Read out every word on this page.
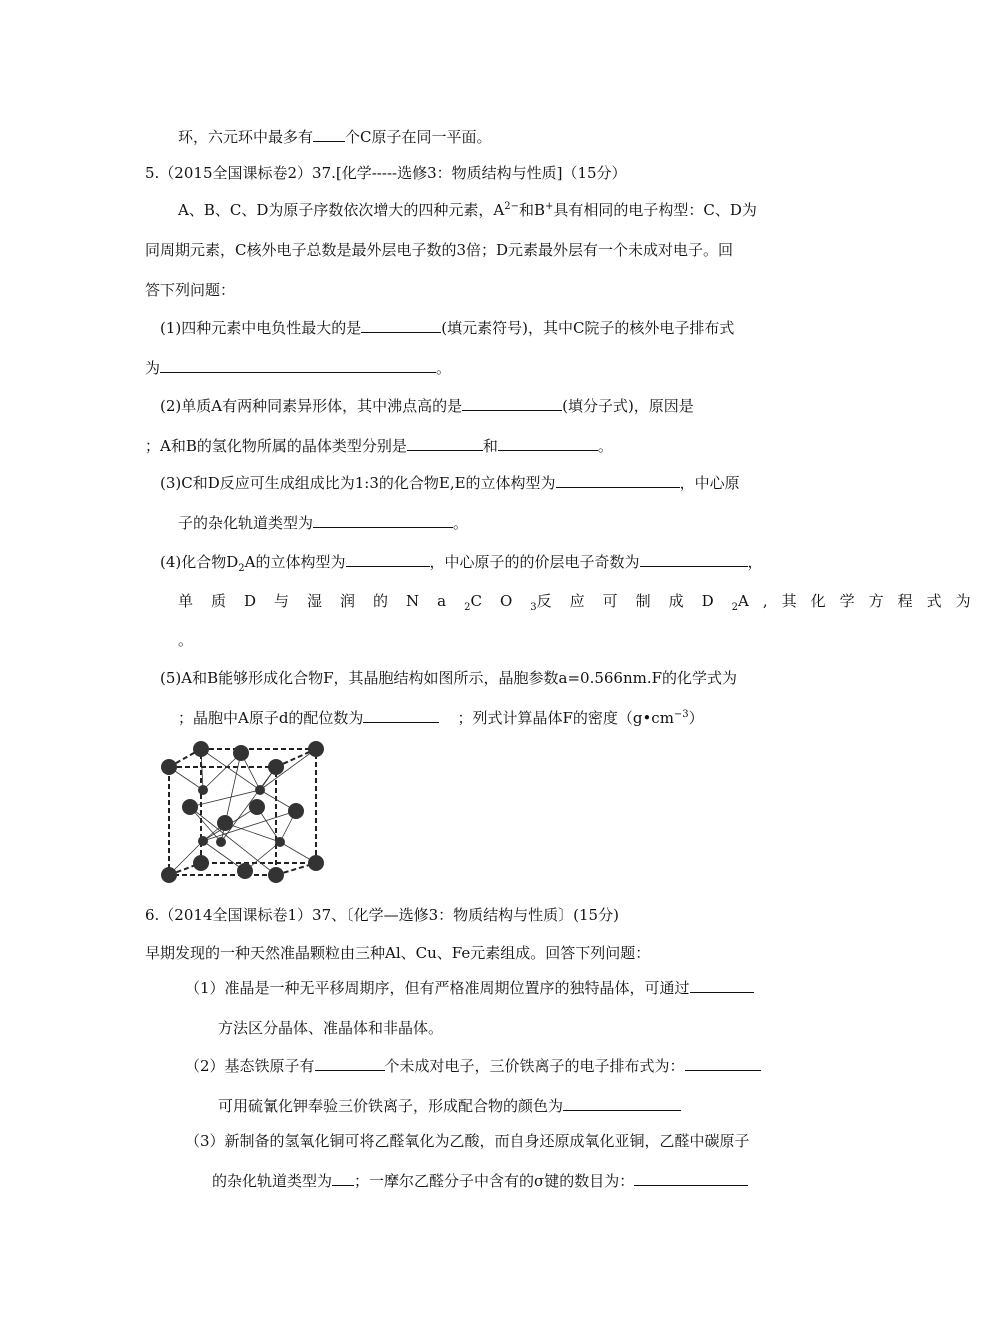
环，六元环中最多有 个C原子在同一平面。
5.（2015全国课标卷2）37.[化学-----选修3：物质结构与性质]（15分）
A、B、C、D为原子序数依次增大的四种元素，$A^{2-}$和B+具有相同的电子构型：C、D为
同周期元素，C核外电子总数是最外层电子数的3倍；D元素最外层有一个未成对电子。回
答下列问题：
(1)四种元素中电负性最大的是	(填元素符号)，其中C院子的核外电子排布式
为	。
(2)单质A有两种同素异形体，其中沸点高的是	(填分子式)，原因是
；A和B的氢化物所属的晶体类型分别是	和	。
(3)C和D反应可生成组成比为1:3的化合物E,E的立体构型为	，中心原
子的杂化轨道类型为	。
(4)化合物$D_2A$的立体构型为	，中心原子的的价层电子奇数为	，
单质D与湿润的$Na_2CO_3$反应可制成$D_2A$,其化学方程式为
。
(5)A和B能够形成化合物F，其晶胞结构如图所示，晶胞参数a=0.566nm.F的化学式为
；晶胞中A原子d的配位数为	；列式计算晶体F的密度$(g•cm^{-3})$
6.（2014全国课标卷1）37、〔化学—选修3：物质结构与性质〕(15分)
早期发现的一种天然准晶颗粒由三种Al、Cu、Fe元素组成。回答下列问题：
（1）准晶是一种无平移周期序，但有严格准周期位置序的独特晶体，可通过
方法区分晶体、准晶体和非晶体。
（2）基态铁原子有	个未成对电子，三价铁离子的电子排布式为：
可用硫氰化钾奉验三价铁离子，形成配合物的颜色为
（3）新制备的氢氧化铜可将乙醛氧化为乙酸，而自身还原成氧化亚铜，乙醛中碳原子
的杂化轨道类型为 ；一摩尔乙醛分子中含有的σ键的数目为：
